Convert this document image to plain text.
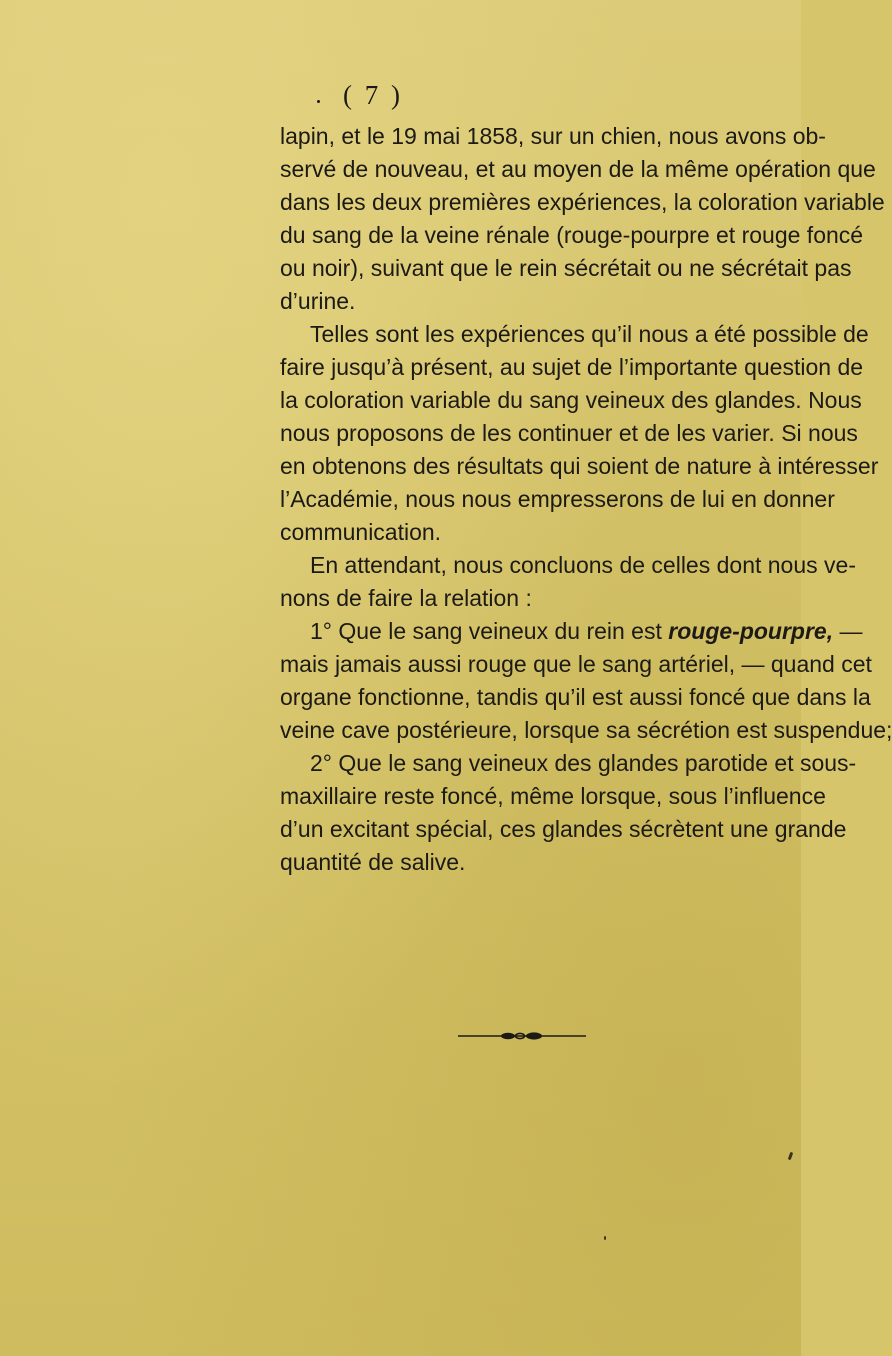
( 7 )
lapin, et le 19 mai 1858, sur un chien, nous avons ob-
servé de nouveau, et au moyen de la même opération que
dans les deux premières expériences, la coloration variable
du sang de la veine rénale (rouge-pourpre et rouge foncé
ou noir), suivant que le rein sécrétait ou ne sécrétait pas
d’urine.
Telles sont les expériences qu’il nous a été possible de
faire jusqu’à présent, au sujet de l’importante question de
la coloration variable du sang veineux des glandes. Nous
nous proposons de les continuer et de les varier. Si nous
en obtenons des résultats qui soient de nature à intéresser
l’Académie, nous nous empresserons de lui en donner
communication.
En attendant, nous concluons de celles dont nous ve-
nons de faire la relation :
1° Que le sang veineux du rein est rouge-pourpre, —
mais jamais aussi rouge que le sang artériel, — quand cet
organe fonctionne, tandis qu’il est aussi foncé que dans la
veine cave postérieure, lorsque sa sécrétion est suspendue;
2° Que le sang veineux des glandes parotide et sous-
maxillaire reste foncé, même lorsque, sous l’influence
d’un excitant spécial, ces glandes sécrètent une grande
quantité de salive.
